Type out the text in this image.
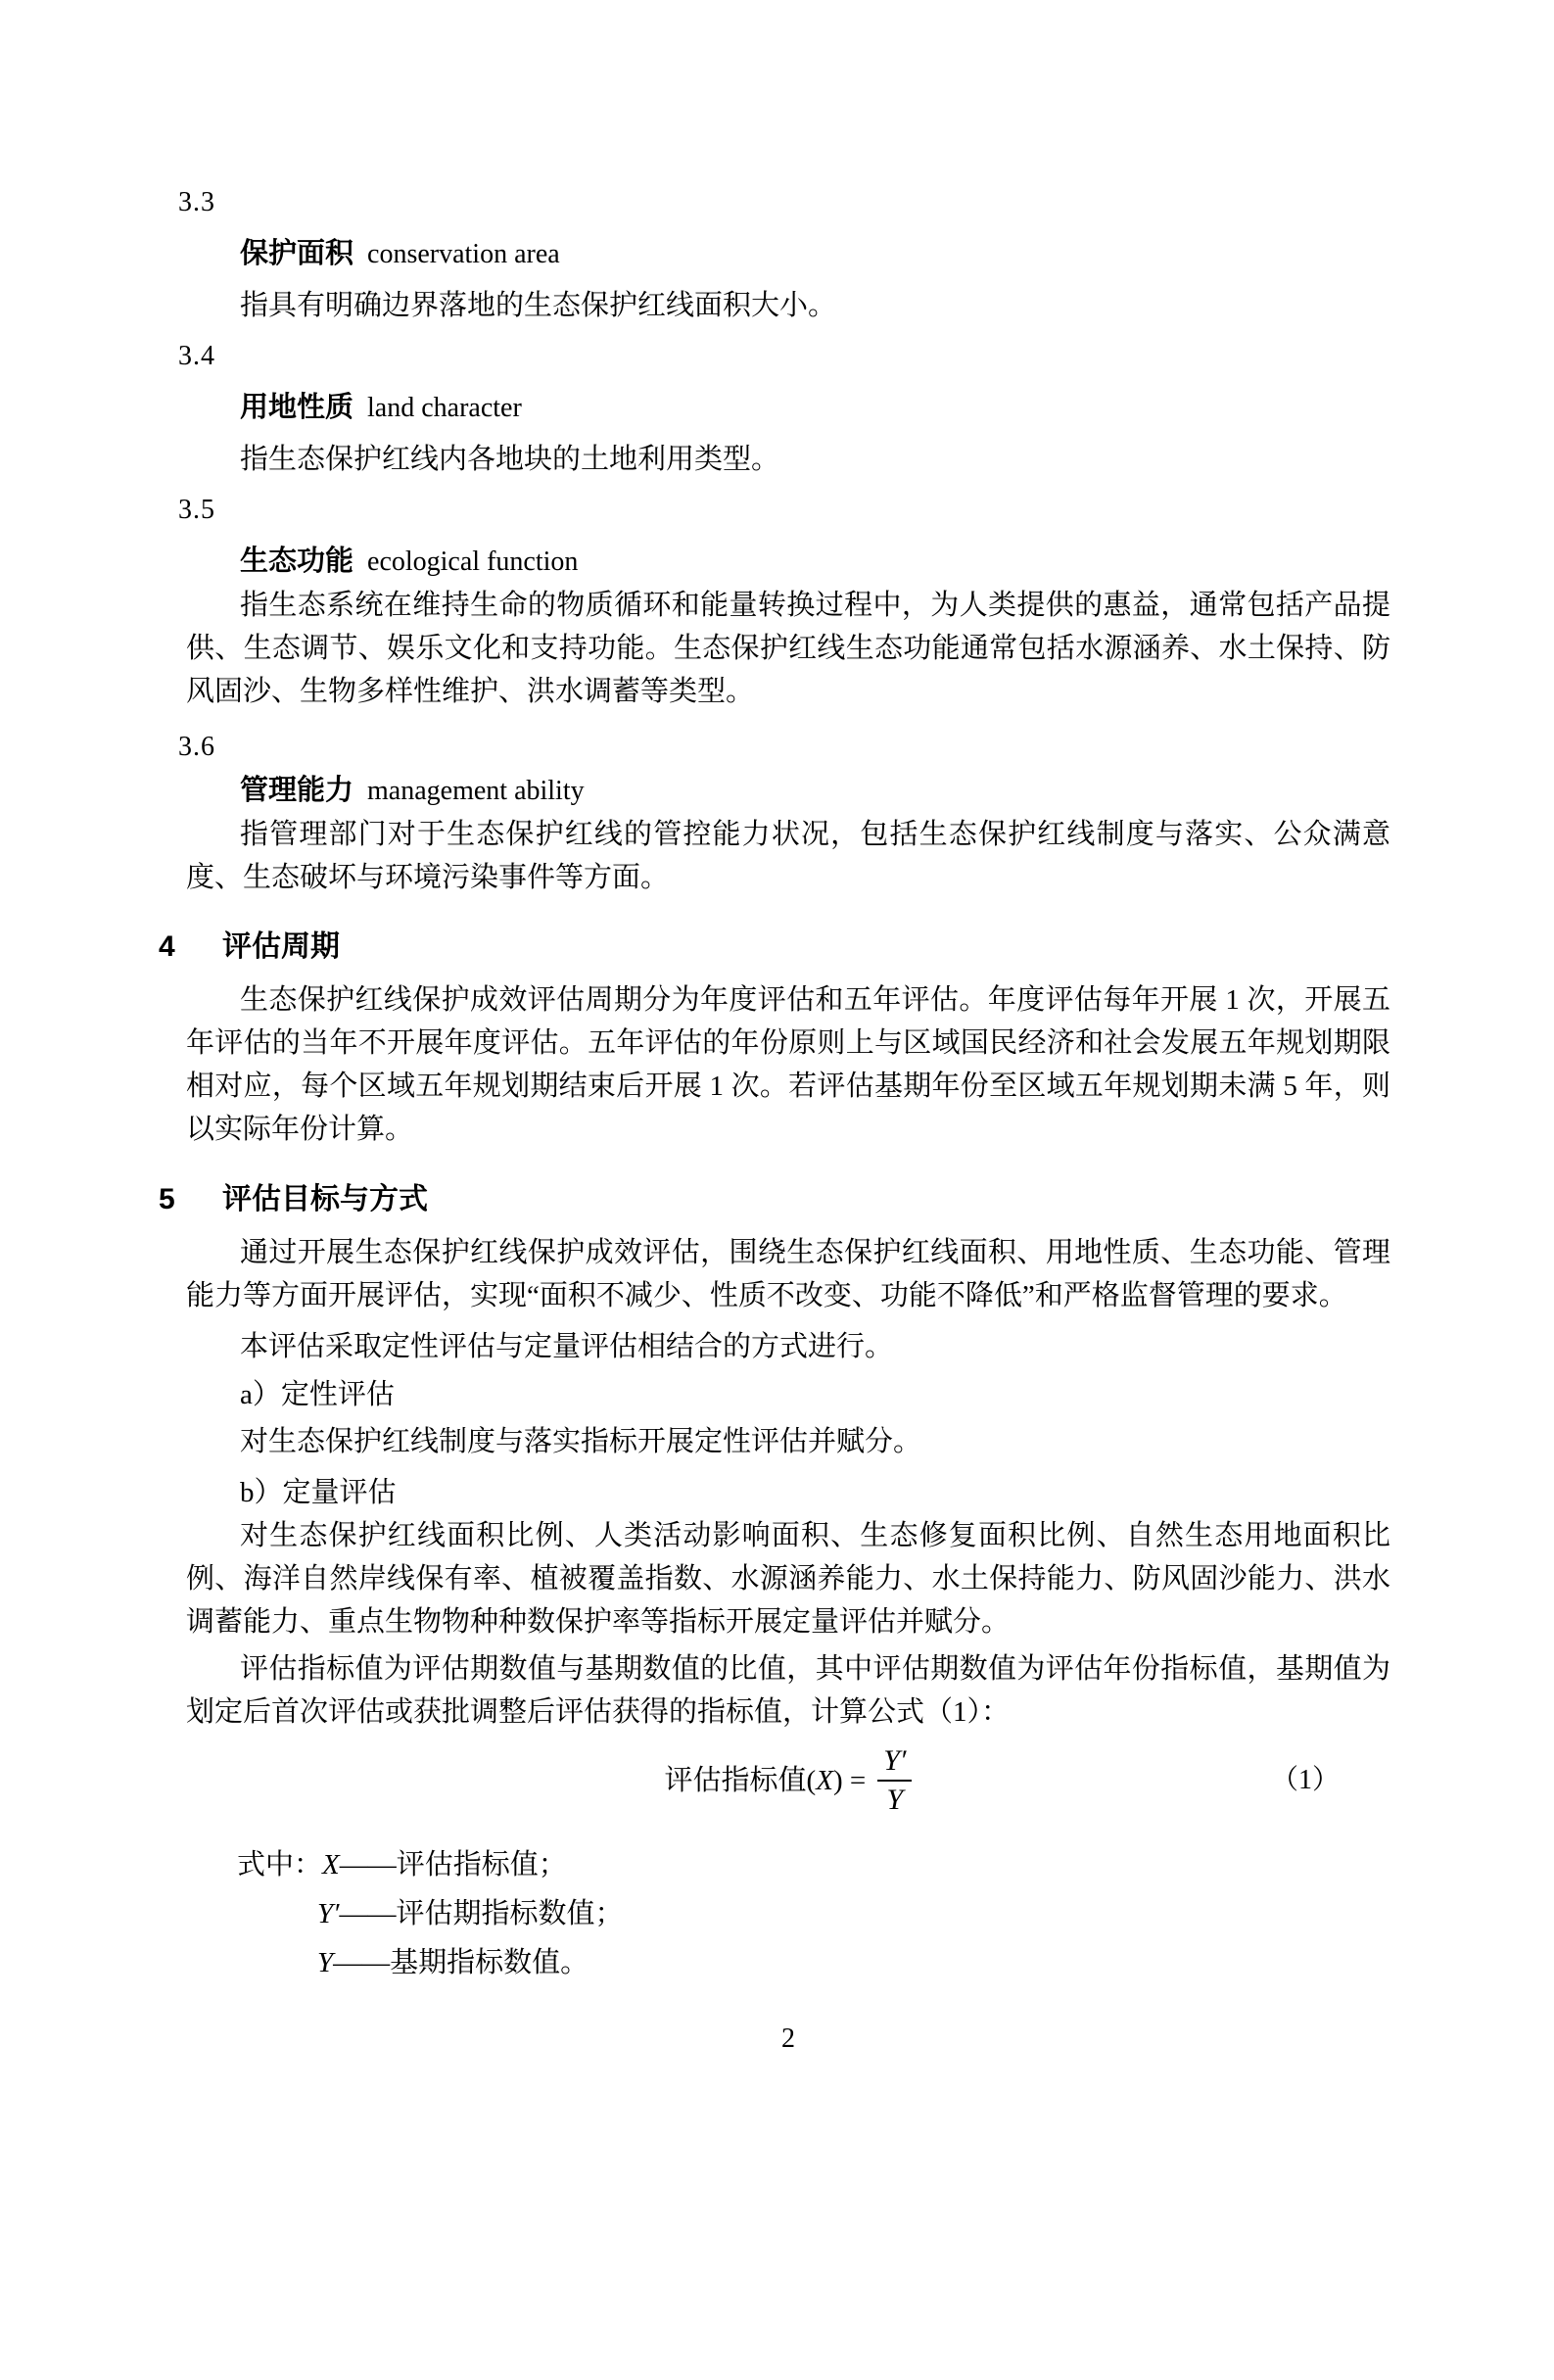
3.3
保护面积 conservation area
指具有明确边界落地的生态保护红线面积大小。
3.4
用地性质 land character
指生态保护红线内各地块的土地利用类型。
3.5
生态功能 ecological function
指生态系统在维持生命的物质循环和能量转换过程中，为人类提供的惠益，通常包括产品提供、生态调节、娱乐文化和支持功能。生态保护红线生态功能通常包括水源涵养、水土保持、防风固沙、生物多样性维护、洪水调蓄等类型。
3.6
管理能力 management ability
指管理部门对于生态保护红线的管控能力状况，包括生态保护红线制度与落实、公众满意度、生态破坏与环境污染事件等方面。
4 评估周期
生态保护红线保护成效评估周期分为年度评估和五年评估。年度评估每年开展 1 次，开展五年评估的当年不开展年度评估。五年评估的年份原则上与区域国民经济和社会发展五年规划期限相对应，每个区域五年规划期结束后开展 1 次。若评估基期年份至区域五年规划期未满 5 年，则以实际年份计算。
5 评估目标与方式
通过开展生态保护红线保护成效评估，围绕生态保护红线面积、用地性质、生态功能、管理能力等方面开展评估，实现“面积不减少、性质不改变、功能不降低”和严格监督管理的要求。
本评估采取定性评估与定量评估相结合的方式进行。
a）定性评估
对生态保护红线制度与落实指标开展定性评估并赋分。
b）定量评估
对生态保护红线面积比例、人类活动影响面积、生态修复面积比例、自然生态用地面积比例、海洋自然岸线保有率、植被覆盖指数、水源涵养能力、水土保持能力、防风固沙能力、洪水调蓄能力、重点生物物种种数保护率等指标开展定量评估并赋分。
评估指标值为评估期数值与基期数值的比值，其中评估期数值为评估年份指标值，基期值为划定后首次评估或获批调整后评估获得的指标值，计算公式（1）：
评估指标值$(X) = \frac{Y'}{Y}$	（1）
式中：X——评估指标值；
Y′——评估期指标数值；
Y——基期指标数值。
2
